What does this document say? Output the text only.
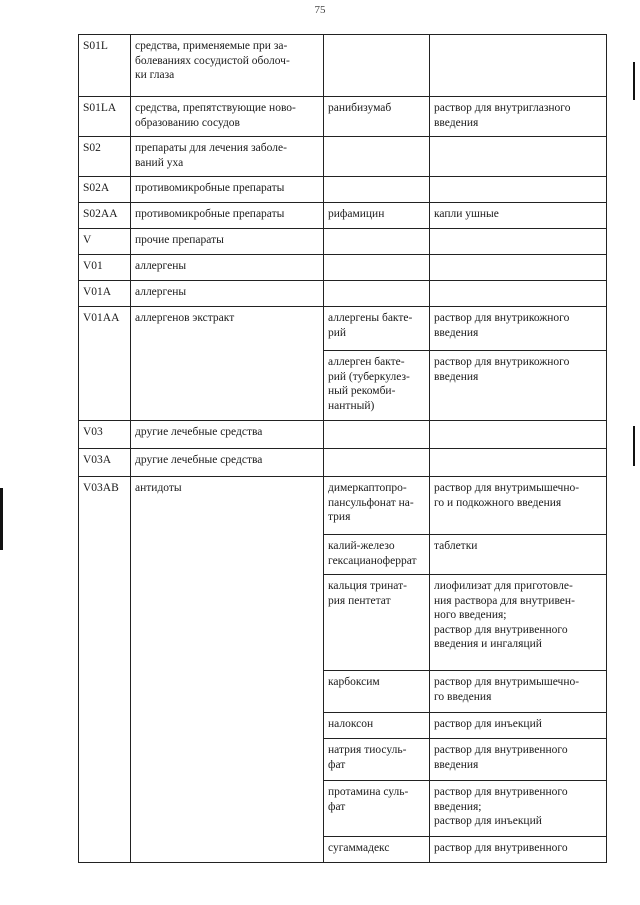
75
S01L	средства, применяемые при за-
болеваниях сосудистой оболоч-
ки глаза		

S01LA	средства, препятствующие ново-
образованию сосудов	ранибизумаб	раствор для внутриглазного
введения

S02	препараты для лечения заболе-
ваний уха		

S02A	противомикробные препараты		

S02AA	противомикробные препараты	рифамицин	капли ушные

V	прочие препараты		

V01	аллергены		

V01A	аллергены		

V01AA	аллергенов экстракт	аллергены бакте-
рий	раствор для внутрикожного
введения

		аллерген бакте-
рий (туберкулез-
ный рекомби-
нантный)	раствор для внутрикожного
введения

V03	другие лечебные средства		

V03A	другие лечебные средства		

V03AB	антидоты	димеркаптопро-
пансульфонат на-
трия	раствор для внутримышечно-
го и подкожного введения

		калий-железо
гексацианоферрат	таблетки

		кальция тринат-
рия пентетат	лиофилизат для приготовле-
ния раствора для внутривен-
ного введения;
раствор для внутривенного
введения и ингаляций

		карбоксим	раствор для внутримышечно-
го введения

		налоксон	раствор для инъекций

		натрия тиосуль-
фат	раствор для внутривенного
введения

		протамина суль-
фат	раствор для внутривенного
введения;
раствор для инъекций

		сугаммадекс	раствор для внутривенного
